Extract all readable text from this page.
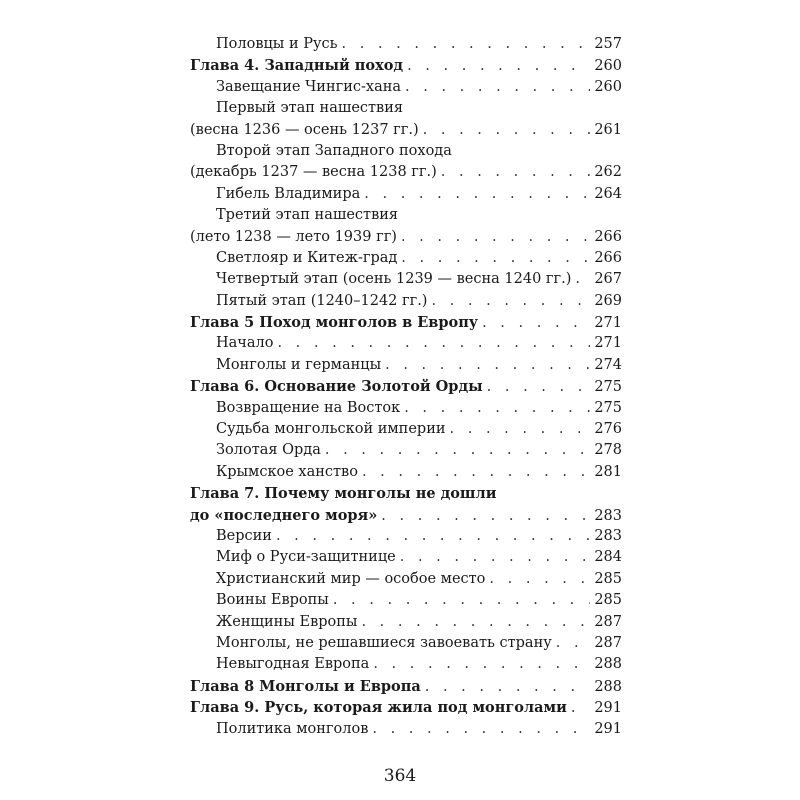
Половцы и Русь . . .	257
Глава 4. Западный поход . . .	260
Завещание Чингис-хана . . .	260
Первый этап нашествия
(весна 1236 — осень 1237 гг.) . . .	261
Второй этап Западного похода
(декабрь 1237 — весна 1238 гг.) . . .	262
Гибель Владимира . . .	264
Третий этап нашествия
(лето 1238 — лето 1939 гг) . . .	266
Светлояр и Китеж-град . . .	266
Четвертый этап (осень 1239 — весна 1240 гг.) . . . 267
Пятый этап (1240–1242 гг.) . . .	269
Глава 5 Поход монголов в Европу . . .	271
Начало . . .	271
Монголы и германцы . . .	274
Глава 6. Основание Золотой Орды . . .	275
Возвращение на Восток . . .	275
Судьба монгольской империи . . .	276
Золотая Орда . . .	278
Крымское ханство . . .	281
Глава 7. Почему монголы не дошли
до «последнего моря» . . .	283
Версии . . .	283
Миф о Руси-защитнице . . .	284
Христианский мир — особое место . . .	285
Воины Европы . . .	285
Женщины Европы . . .	287
Монголы, не решавшиеся завоевать страну . . .	287
Невыгодная Европа . . .	288
Глава 8 Монголы и Европа . . .	288
Глава 9. Русь, которая жила под монголами . . . 291
Политика монголов . . .	291
364
